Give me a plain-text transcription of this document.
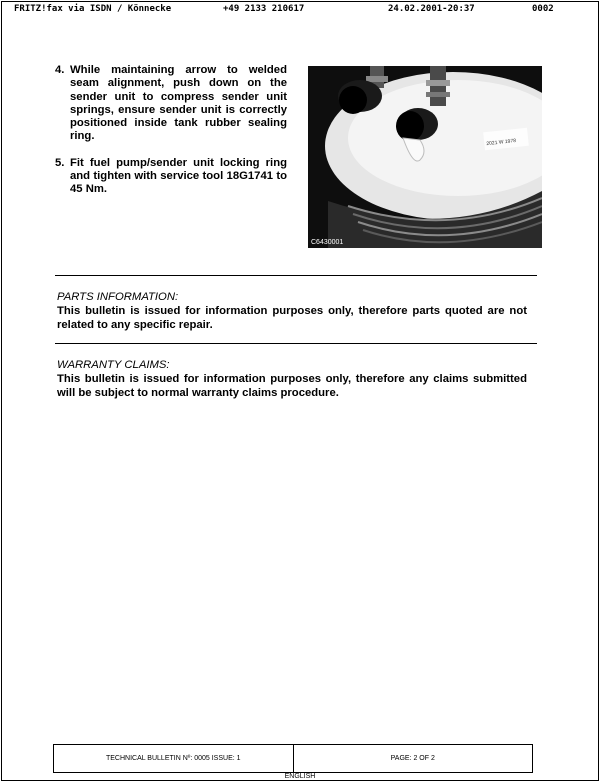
FRITZ!fax via ISDN / Könnecke	+49 2133 210617	24.02.2001-20:37	0002
4. While maintaining arrow to welded seam alignment, push down on the sender unit to compress sender unit springs, ensure sender unit is correctly positioned inside tank rubber sealing ring.
5. Fit fuel pump/sender unit locking ring and tighten with service tool 18G1741 to 45 Nm.
2021 W 1978
C6430001
PARTS INFORMATION:
This bulletin is issued for information purposes only, therefore parts quoted are not related to any specific repair.
WARRANTY CLAIMS:
This bulletin is issued for information purposes only, therefore any claims submitted will be subject to normal warranty claims procedure.
TECHNICAL BULLETIN Nº: 0005 ISSUE: 1	PAGE: 2 OF 2
ENGLISH
